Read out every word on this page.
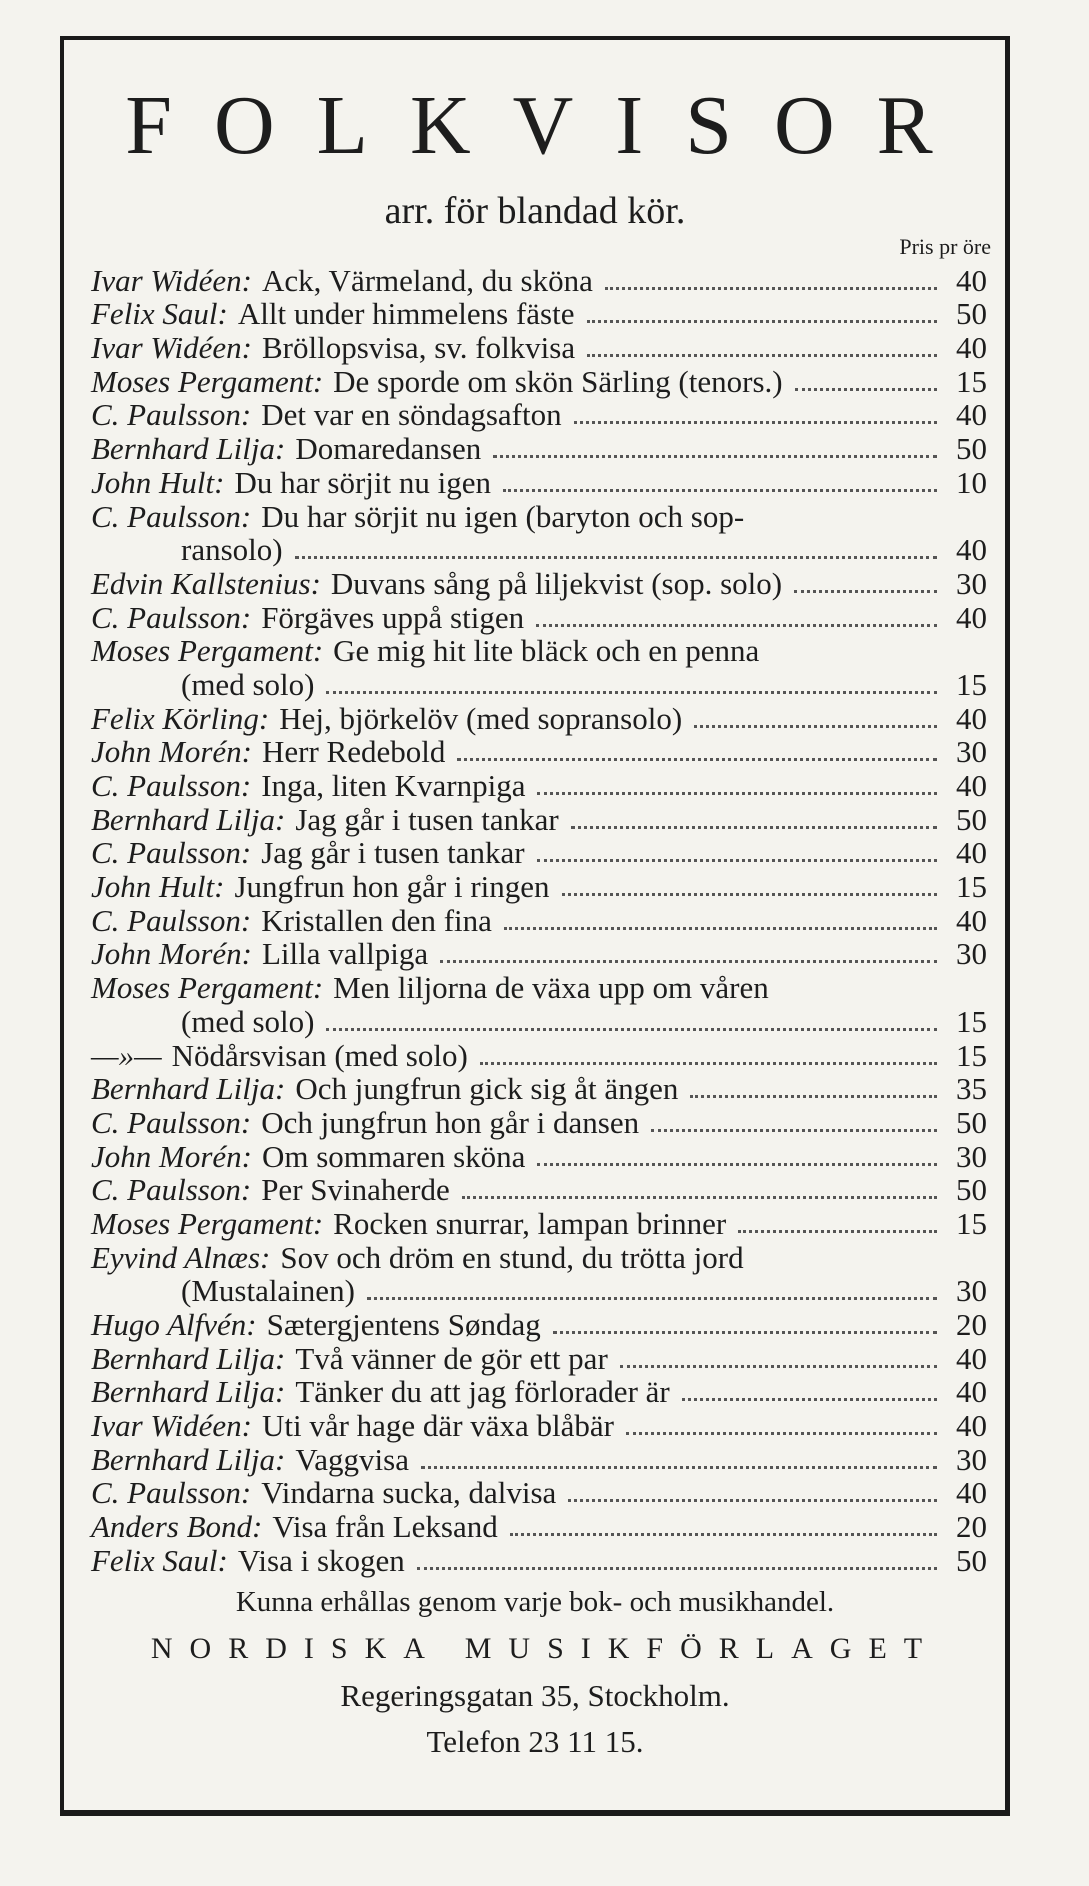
FOLKVISOR
arr. för blandad kör.
Pris pr öre
Ivar Widéen: Ack, Värmeland, du sköna	40
Felix Saul: Allt under himmelens fäste	50
Ivar Widéen: Bröllopsvisa, sv. folkvisa	40
Moses Pergament: De sporde om skön Särling (tenors.)	15
C. Paulsson: Det var en söndagsafton	40
Bernhard Lilja: Domaredansen	50
John Hult: Du har sörjit nu igen	10
C. Paulsson: Du har sörjit nu igen (baryton och sop-
ransolo)	40
Edvin Kallstenius: Duvans sång på liljekvist (sop. solo)	30
C. Paulsson: Förgäves uppå stigen	40
Moses Pergament: Ge mig hit lite bläck och en penna
(med solo)	15
Felix Körling: Hej, björkelöv (med sopransolo)	40
John Morén: Herr Redebold	30
C. Paulsson: Inga, liten Kvarnpiga	40
Bernhard Lilja: Jag går i tusen tankar	50
C. Paulsson: Jag går i tusen tankar	40
John Hult: Jungfrun hon går i ringen	15
C. Paulsson: Kristallen den fina	40
John Morén: Lilla vallpiga	30
Moses Pergament: Men liljorna de växa upp om våren
(med solo)	15
—»— Nödårsvisan (med solo)	15
Bernhard Lilja: Och jungfrun gick sig åt ängen	35
C. Paulsson: Och jungfrun hon går i dansen	50
John Morén: Om sommaren sköna	30
C. Paulsson: Per Svinaherde	50
Moses Pergament: Rocken snurrar, lampan brinner	15
Eyvind Alnæs: Sov och dröm en stund, du trötta jord
(Mustalainen)	30
Hugo Alfvén: Sætergjentens Søndag	20
Bernhard Lilja: Två vänner de gör ett par	40
Bernhard Lilja: Tänker du att jag förlorader är	40
Ivar Widéen: Uti vår hage där växa blåbär	40
Bernhard Lilja: Vaggvisa	30
C. Paulsson: Vindarna sucka, dalvisa	40
Anders Bond: Visa från Leksand	20
Felix Saul: Visa i skogen	50
Kunna erhållas genom varje bok- och musikhandel.
NORDISKA MUSIKFÖRLAGET
Regeringsgatan 35, Stockholm.
Telefon 23 11 15.
